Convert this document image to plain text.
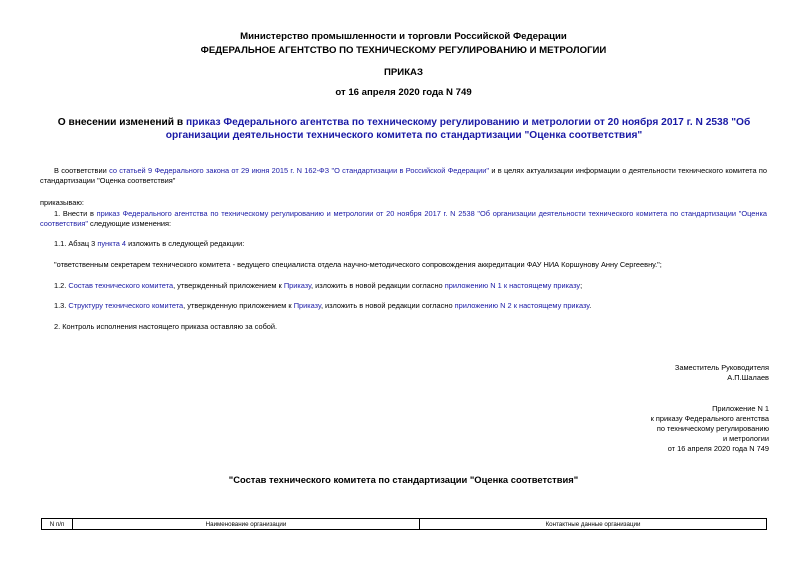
Министерство промышленности и торговли Российской Федерации
ФЕДЕРАЛЬНОЕ АГЕНТСТВО ПО ТЕХНИЧЕСКОМУ РЕГУЛИРОВАНИЮ И МЕТРОЛОГИИ
ПРИКАЗ
от 16 апреля 2020 года N 749
О внесении изменений в приказ Федерального агентства по техническому регулированию и метрологии от 20 ноября 2017 г. N 2538 "Об организации деятельности технического комитета по стандартизации "Оценка соответствия"
В соответствии со статьей 9 Федерального закона от 29 июня 2015 г. N 162-ФЗ "О стандартизации в Российской Федерации" и в целях актуализации информации о деятельности технического комитета по стандартизации "Оценка соответствия"
приказываю:
1. Внести в приказ Федерального агентства по техническому регулированию и метрологии от 20 ноября 2017 г. N 2538 "Об организации деятельности технического комитета по стандартизации "Оценка соответствия" следующие изменения:
1.1. Абзац 3 пункта 4 изложить в следующей редакции:
"ответственным секретарем технического комитета - ведущего специалиста отдела научно-методического сопровождения аккредитации ФАУ НИА Коршунову Анну Сергеевну.";
1.2. Состав технического комитета, утвержденный приложением к Приказу, изложить в новой редакции согласно приложению N 1 к настоящему приказу;
1.3. Структуру технического комитета, утвержденную приложением к Приказу, изложить в новой редакции согласно приложению N 2 к настоящему приказу.
2. Контроль исполнения настоящего приказа оставляю за собой.
Заместитель Руководителя
А.П.Шалаев
Приложение N 1
к приказу Федерального агентства
по техническому регулированию
и метрологии
от 16 апреля 2020 года N 749
"Состав технического комитета по стандартизации "Оценка соответствия"
N п/п	Наименование организации	Контактные данные организации
